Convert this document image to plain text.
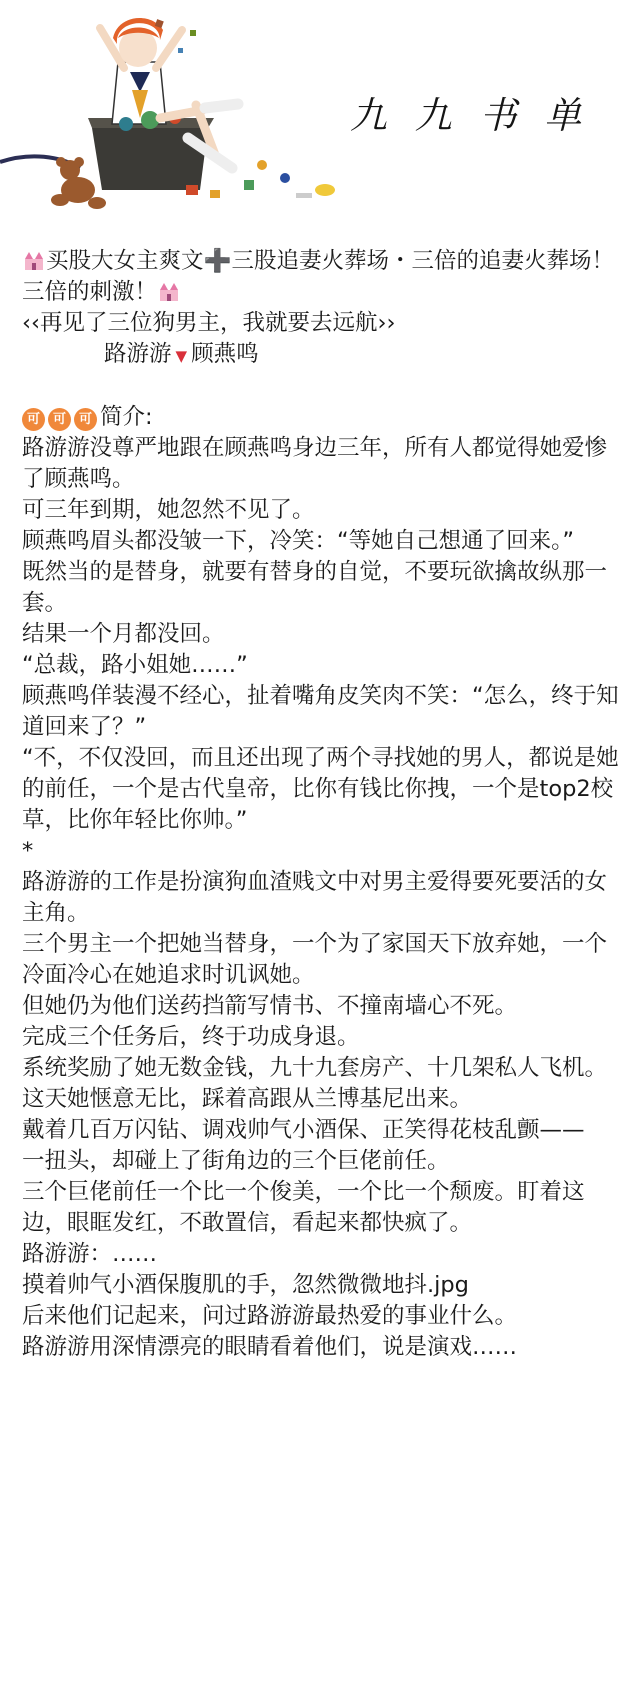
九 九 书 单

买股大女主爽文➕三股追妻火葬场・三倍的追妻火葬场！三倍的刺激！

‹‹再见了三位狗男主，我就要去远航››

路游游 ▼ 顾燕鸣

可 可 可 简介:

路游游没尊严地跟在顾燕鸣身边三年，所有人都觉得她爱惨了顾燕鸣。

可三年到期，她忽然不见了。

顾燕鸣眉头都没皱一下，冷笑：“等她自己想通了回来。”

既然当的是替身，就要有替身的自觉，不要玩欲擒故纵那一套。

结果一个月都没回。

“总裁，路小姐她……”

顾燕鸣佯装漫不经心，扯着嘴角皮笑肉不笑：“怎么，终于知道回来了？”

“不，不仅没回，而且还出现了两个寻找她的男人，都说是她的前任，一个是古代皇帝，比你有钱比你拽，一个是top2校草，比你年轻比你帅。”

*

路游游的工作是扮演狗血渣贱文中对男主爱得要死要活的女主角。

三个男主一个把她当替身，一个为了家国天下放弃她，一个冷面冷心在她追求时讥讽她。

但她仍为他们送药挡箭写情书、不撞南墙心不死。

完成三个任务后，终于功成身退。

系统奖励了她无数金钱，九十九套房产、十几架私人飞机。

这天她惬意无比，踩着高跟从兰博基尼出来。

戴着几百万闪钻、调戏帅气小酒保、正笑得花枝乱颤——

一扭头，却碰上了街角边的三个巨佬前任。

三个巨佬前任一个比一个俊美，一个比一个颓废。盯着这边，眼眶发红，不敢置信，看起来都快疯了。

路游游：……

摸着帅气小酒保腹肌的手，忽然微微地抖.jpg

后来他们记起来，问过路游游最热爱的事业什么。

路游游用深情漂亮的眼睛看着他们，说是演戏……
